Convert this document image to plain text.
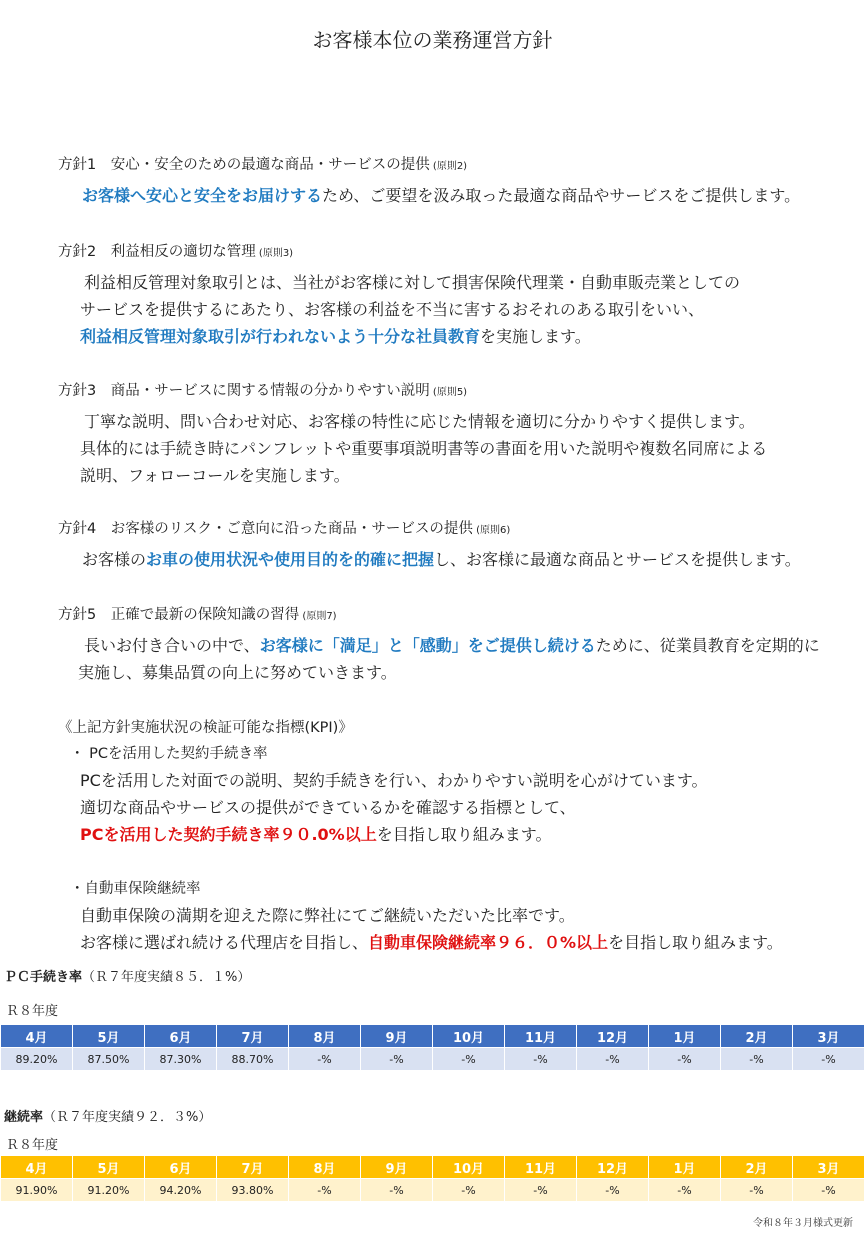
お客様本位の業務運営方針
方針1　安心・安全のための最適な商品・サービスの提供 (原則2)
お客様へ安心と安全をお届けするため、ご要望を汲み取った最適な商品やサービスをご提供します。
方針2　利益相反の適切な管理 (原則3)
利益相反管理対象取引とは、当社がお客様に対して損害保険代理業・自動車販売業としての
サービスを提供するにあたり、お客様の利益を不当に害するおそれのある取引をいい、
利益相反管理対象取引が行われないよう十分な社員教育を実施します。
方針3　商品・サービスに関する情報の分かりやすい説明 (原則5)
丁寧な説明、問い合わせ対応、お客様の特性に応じた情報を適切に分かりやすく提供します。
具体的には手続き時にパンフレットや重要事項説明書等の書面を用いた説明や複数名同席による
説明、フォローコールを実施します。
方針4　お客様のリスク・ご意向に沿った商品・サービスの提供 (原則6)
お客様のお車の使用状況や使用目的を的確に把握し、お客様に最適な商品とサービスを提供します。
方針5　正確で最新の保険知識の習得 (原則7)
長いお付き合いの中で、お客様に「満足」と「感動」をご提供し続けるために、従業員教育を定期的に
実施し、募集品質の向上に努めていきます。
《上記方針実施状況の検証可能な指標(KPI)》
・ PCを活用した契約手続き率
PCを活用した対面での説明、契約手続きを行い、わかりやすい説明を心がけています。
適切な商品やサービスの提供ができているかを確認する指標として、
PCを活用した契約手続き率９０.0%以上を目指し取り組みます。
・自動車保険継続率
自動車保険の満期を迎えた際に弊社にてご継続いただいた比率です。
お客様に選ばれ続ける代理店を目指し、自動車保険継続率９６．０%以上を目指し取り組みます。
ＰＣ手続き率（Ｒ７年度実績８５．１%）
Ｒ８年度
4月	5月	6月	7月	8月	9月	10月	11月	12月	1月	2月	3月
89.20%	87.50%	87.30%	88.70%	-%	-%	-%	-%	-%	-%	-%	-%
継続率（Ｒ７年度実績９２．３%）
Ｒ８年度
4月	5月	6月	7月	8月	9月	10月	11月	12月	1月	2月	3月
91.90%	91.20%	94.20%	93.80%	-%	-%	-%	-%	-%	-%	-%	-%
令和８年３月様式更新
